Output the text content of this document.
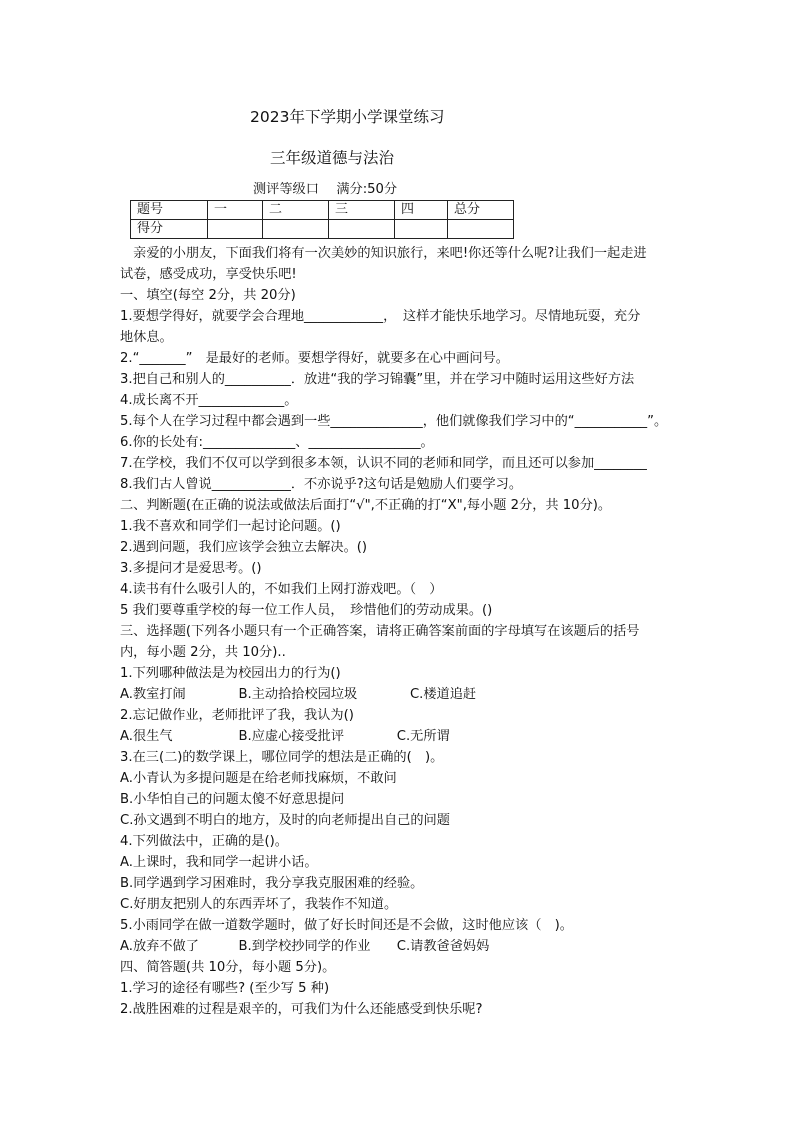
2023年下学期小学课堂练习
三年级道德与法治
测评等级口　 满分:50分
题号	一	二	三	四	总分
得分					
　亲爱的小朋友，下面我们将有一次美妙的知识旅行，来吧!你还等什么呢?让我们一起走进
试卷，感受成功，享受快乐吧!
一、填空(每空 2分，共 20分)
1.要想学得好，就要学会合理地____________，　这样才能快乐地学习。尽情地玩耍，充分
地休息。
2.“_______”　是最好的老师。要想学得好，就要多在心中画问号。
3.把自己和别人的__________．放进“我的学习锦囊”里，并在学习中随时运用这些好方法
4.成长离不开_____________。
5.每个人在学习过程中都会遇到一些______________，他们就像我们学习中的“___________”。
6.你的长处有:______________、_________________。
7.在学校，我们不仅可以学到很多本领，认识不同的老师和同学，而且还可以参加________
8.我们古人曾说____________．不亦说乎?这句话是勉励人们要学习。
二、判断题(在正确的说法或做法后面打“√",不正确的打“X",每小题 2分，共 10分)。
1.我不喜欢和同学们一起讨论问题。()
2.遇到问题，我们应该学会独立去解决。()
3.多提问才是爱思考。()
4.读书有什么吸引人的，不如我们上网打游戏吧。（　）
5 我们要尊重学校的每一位工作人员，　珍惜他们的劳动成果。()
三、选择题(下列各小题只有一个正确答案，请将正确答案前面的字母填写在该题后的括号
内，每小题 2分，共 10分)..
1.下列哪种做法是为校园出力的行为()
A.教室打闹　　　　B.主动拾拾校园垃圾　　　　C.楼道追赶
2.忘记做作业，老师批评了我，我认为()
A.很生气　　　　　B.应虚心接受批评　　　　C.无所谓
3.在三(二)的数学课上，哪位同学的想法是正确的(　)。
A.小青认为多提问题是在给老师找麻烦，不敢问
B.小华怕自己的问题太傻不好意思提问
C.孙文遇到不明白的地方，及时的向老师提出自己的问题
4.下列做法中，正确的是()。
A.上课时，我和同学一起讲小话。
B.同学遇到学习困难时，我分享我克服困难的经验。
C.好朋友把别人的东西弄坏了，我装作不知道。
5.小雨同学在做一道数学题时，做了好长时间还是不会做，这时他应该（　)。
A.放弃不做了　　　B.到学校抄同学的作业　　C.请教爸爸妈妈
四、简答题(共 10分，每小题 5分)。
1.学习的途径有哪些? (至少写 5 种)
2.战胜困难的过程是艰辛的，可我们为什么还能感受到快乐呢?
